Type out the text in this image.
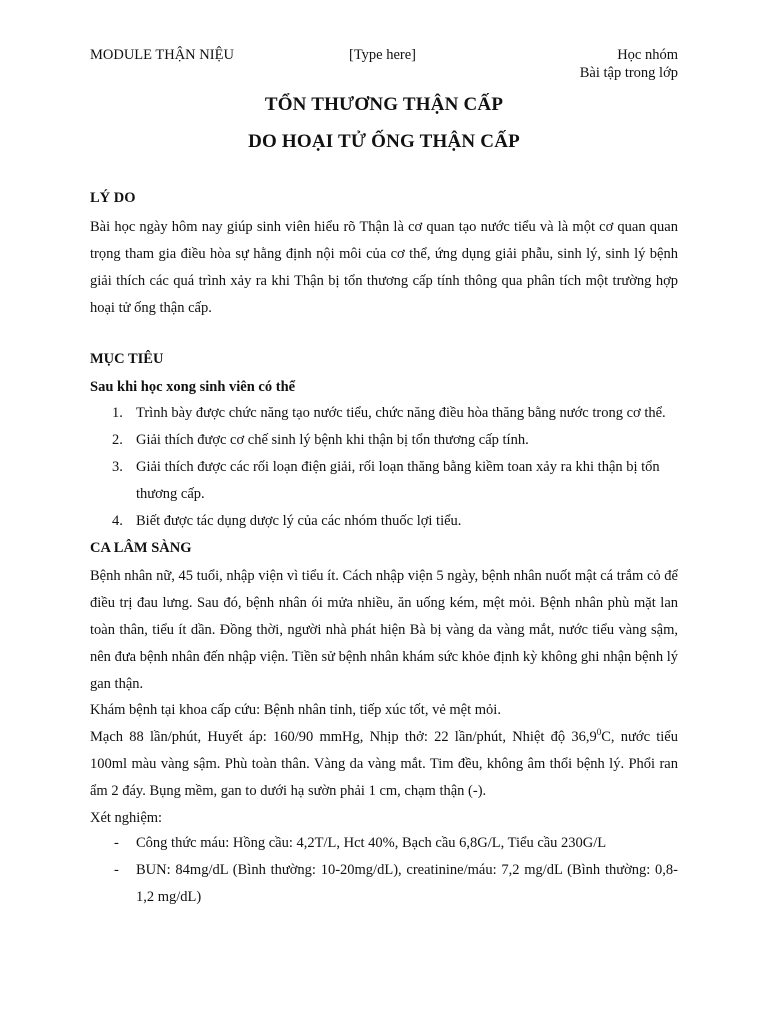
MODULE THẬN NIỆU	[Type here]	Học nhóm
Bài tập trong lớp
TỔN THƯƠNG THẬN CẤP
DO HOẠI TỬ ỐNG THẬN CẤP
LÝ DO
Bài học ngày hôm nay giúp sinh viên hiểu rõ Thận là cơ quan tạo nước tiểu và là một cơ quan quan trọng tham gia điều hòa sự hằng định nội môi của cơ thể, ứng dụng giải phẫu, sinh lý, sinh lý bệnh giải thích các quá trình xảy ra khi Thận bị tổn thương cấp tính thông qua phân tích một trường hợp hoại tử ống thận cấp.
MỤC TIÊU
Sau khi học xong sinh viên có thể
1. Trình bày được chức năng tạo nước tiểu, chức năng điều hòa thăng bằng nước trong cơ thể.
2. Giải thích được cơ chế sinh lý bệnh khi thận bị tổn thương cấp tính.
3. Giải thích được các rối loạn điện giải, rối loạn thăng bằng kiềm toan xảy ra khi thận bị tổn thương cấp.
4. Biết được tác dụng dược lý của các nhóm thuốc lợi tiểu.
CA LÂM SÀNG
Bệnh nhân nữ, 45 tuổi, nhập viện vì tiểu ít. Cách nhập viện 5 ngày, bệnh nhân nuốt mật cá trắm cỏ để điều trị đau lưng. Sau đó, bệnh nhân ói mửa nhiều, ăn uống kém, mệt mỏi. Bệnh nhân phù mặt lan toàn thân, tiểu ít dần. Đồng thời, người nhà phát hiện Bà bị vàng da vàng mắt, nước tiểu vàng sậm, nên đưa bệnh nhân đến nhập viện. Tiền sử bệnh nhân khám sức khỏe định kỳ không ghi nhận bệnh lý gan thận.
Khám bệnh tại khoa cấp cứu: Bệnh nhân tỉnh, tiếp xúc tốt, vẻ mệt mỏi.
Mạch 88 lần/phút, Huyết áp: 160/90 mmHg, Nhịp thở: 22 lần/phút, Nhiệt độ 36,9$^0$C, nước tiểu 100ml màu vàng sậm. Phù toàn thân. Vàng da vàng mắt. Tim đều, không âm thổi bệnh lý. Phổi ran ẩm 2 đáy. Bụng mềm, gan to dưới hạ sườn phải 1 cm, chạm thận (-).
Xét nghiệm:
- Công thức máu: Hồng cầu: 4,2T/L, Hct 40%, Bạch cầu 6,8G/L, Tiểu cầu 230G/L
- BUN: 84mg/dL (Bình thường: 10-20mg/dL), creatinine/máu: 7,2 mg/dL (Bình thường: 0,8-1,2 mg/dL)
